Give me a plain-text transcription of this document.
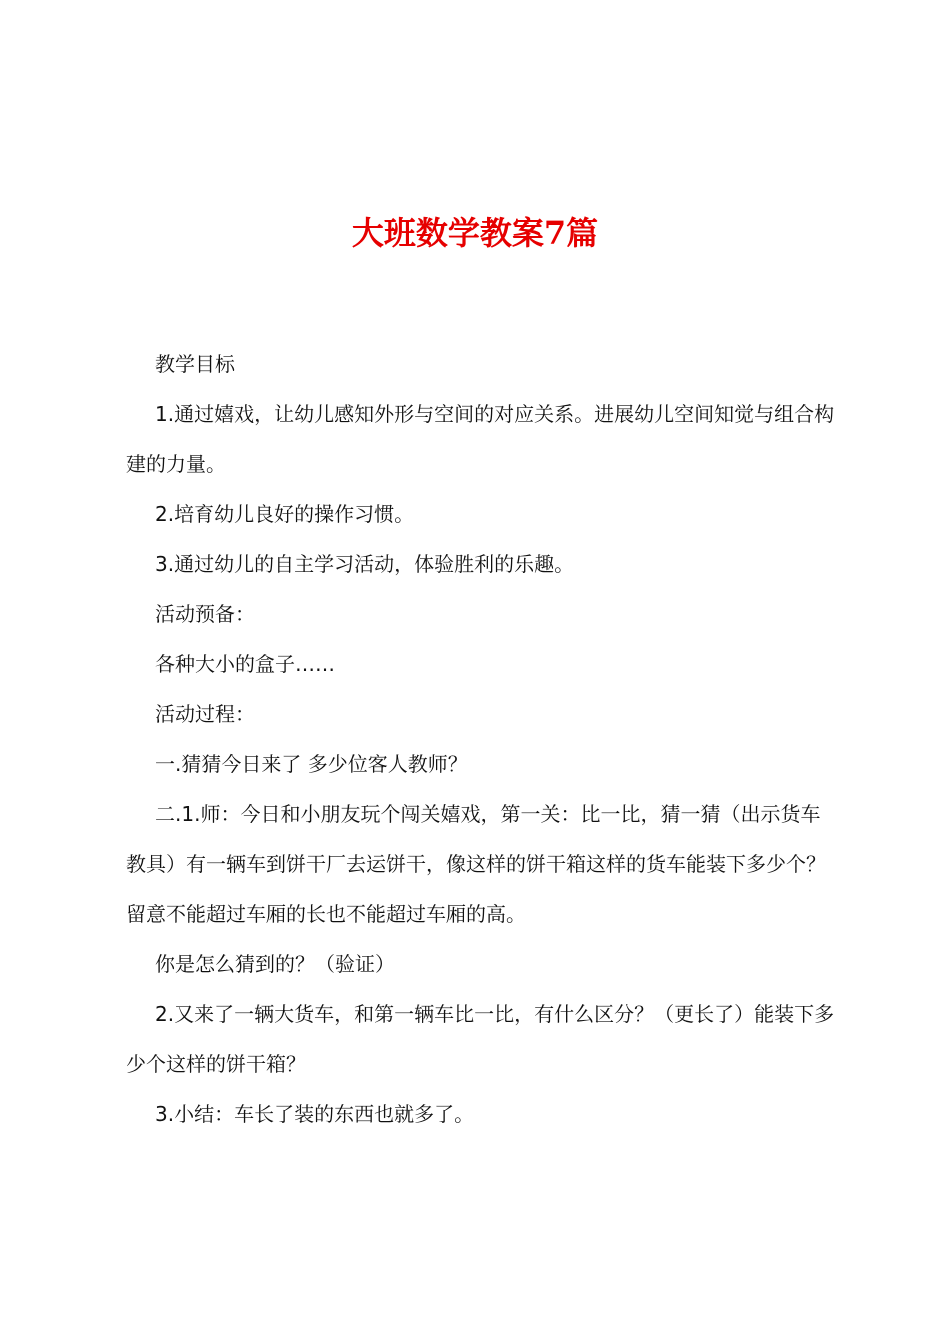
大班数学教案7篇

教学目标

1.通过嬉戏，让幼儿感知外形与空间的对应关系。进展幼儿空间知觉与组合构建的力量。

2.培育幼儿良好的操作习惯。

3.通过幼儿的自主学习活动，体验胜利的乐趣。

活动预备：

各种大小的盒子……

活动过程：

一.猜猜今日来了 多少位客人教师？

二.1.师：今日和小朋友玩个闯关嬉戏，第一关：比一比，猜一猜（出示货车教具）有一辆车到饼干厂去运饼干，像这样的饼干箱这样的货车能装下多少个？留意不能超过车厢的长也不能超过车厢的高。

你是怎么猜到的？（验证）

2.又来了一辆大货车，和第一辆车比一比，有什么区分？（更长了）能装下多少个这样的饼干箱？

3.小结：车长了装的东西也就多了。
